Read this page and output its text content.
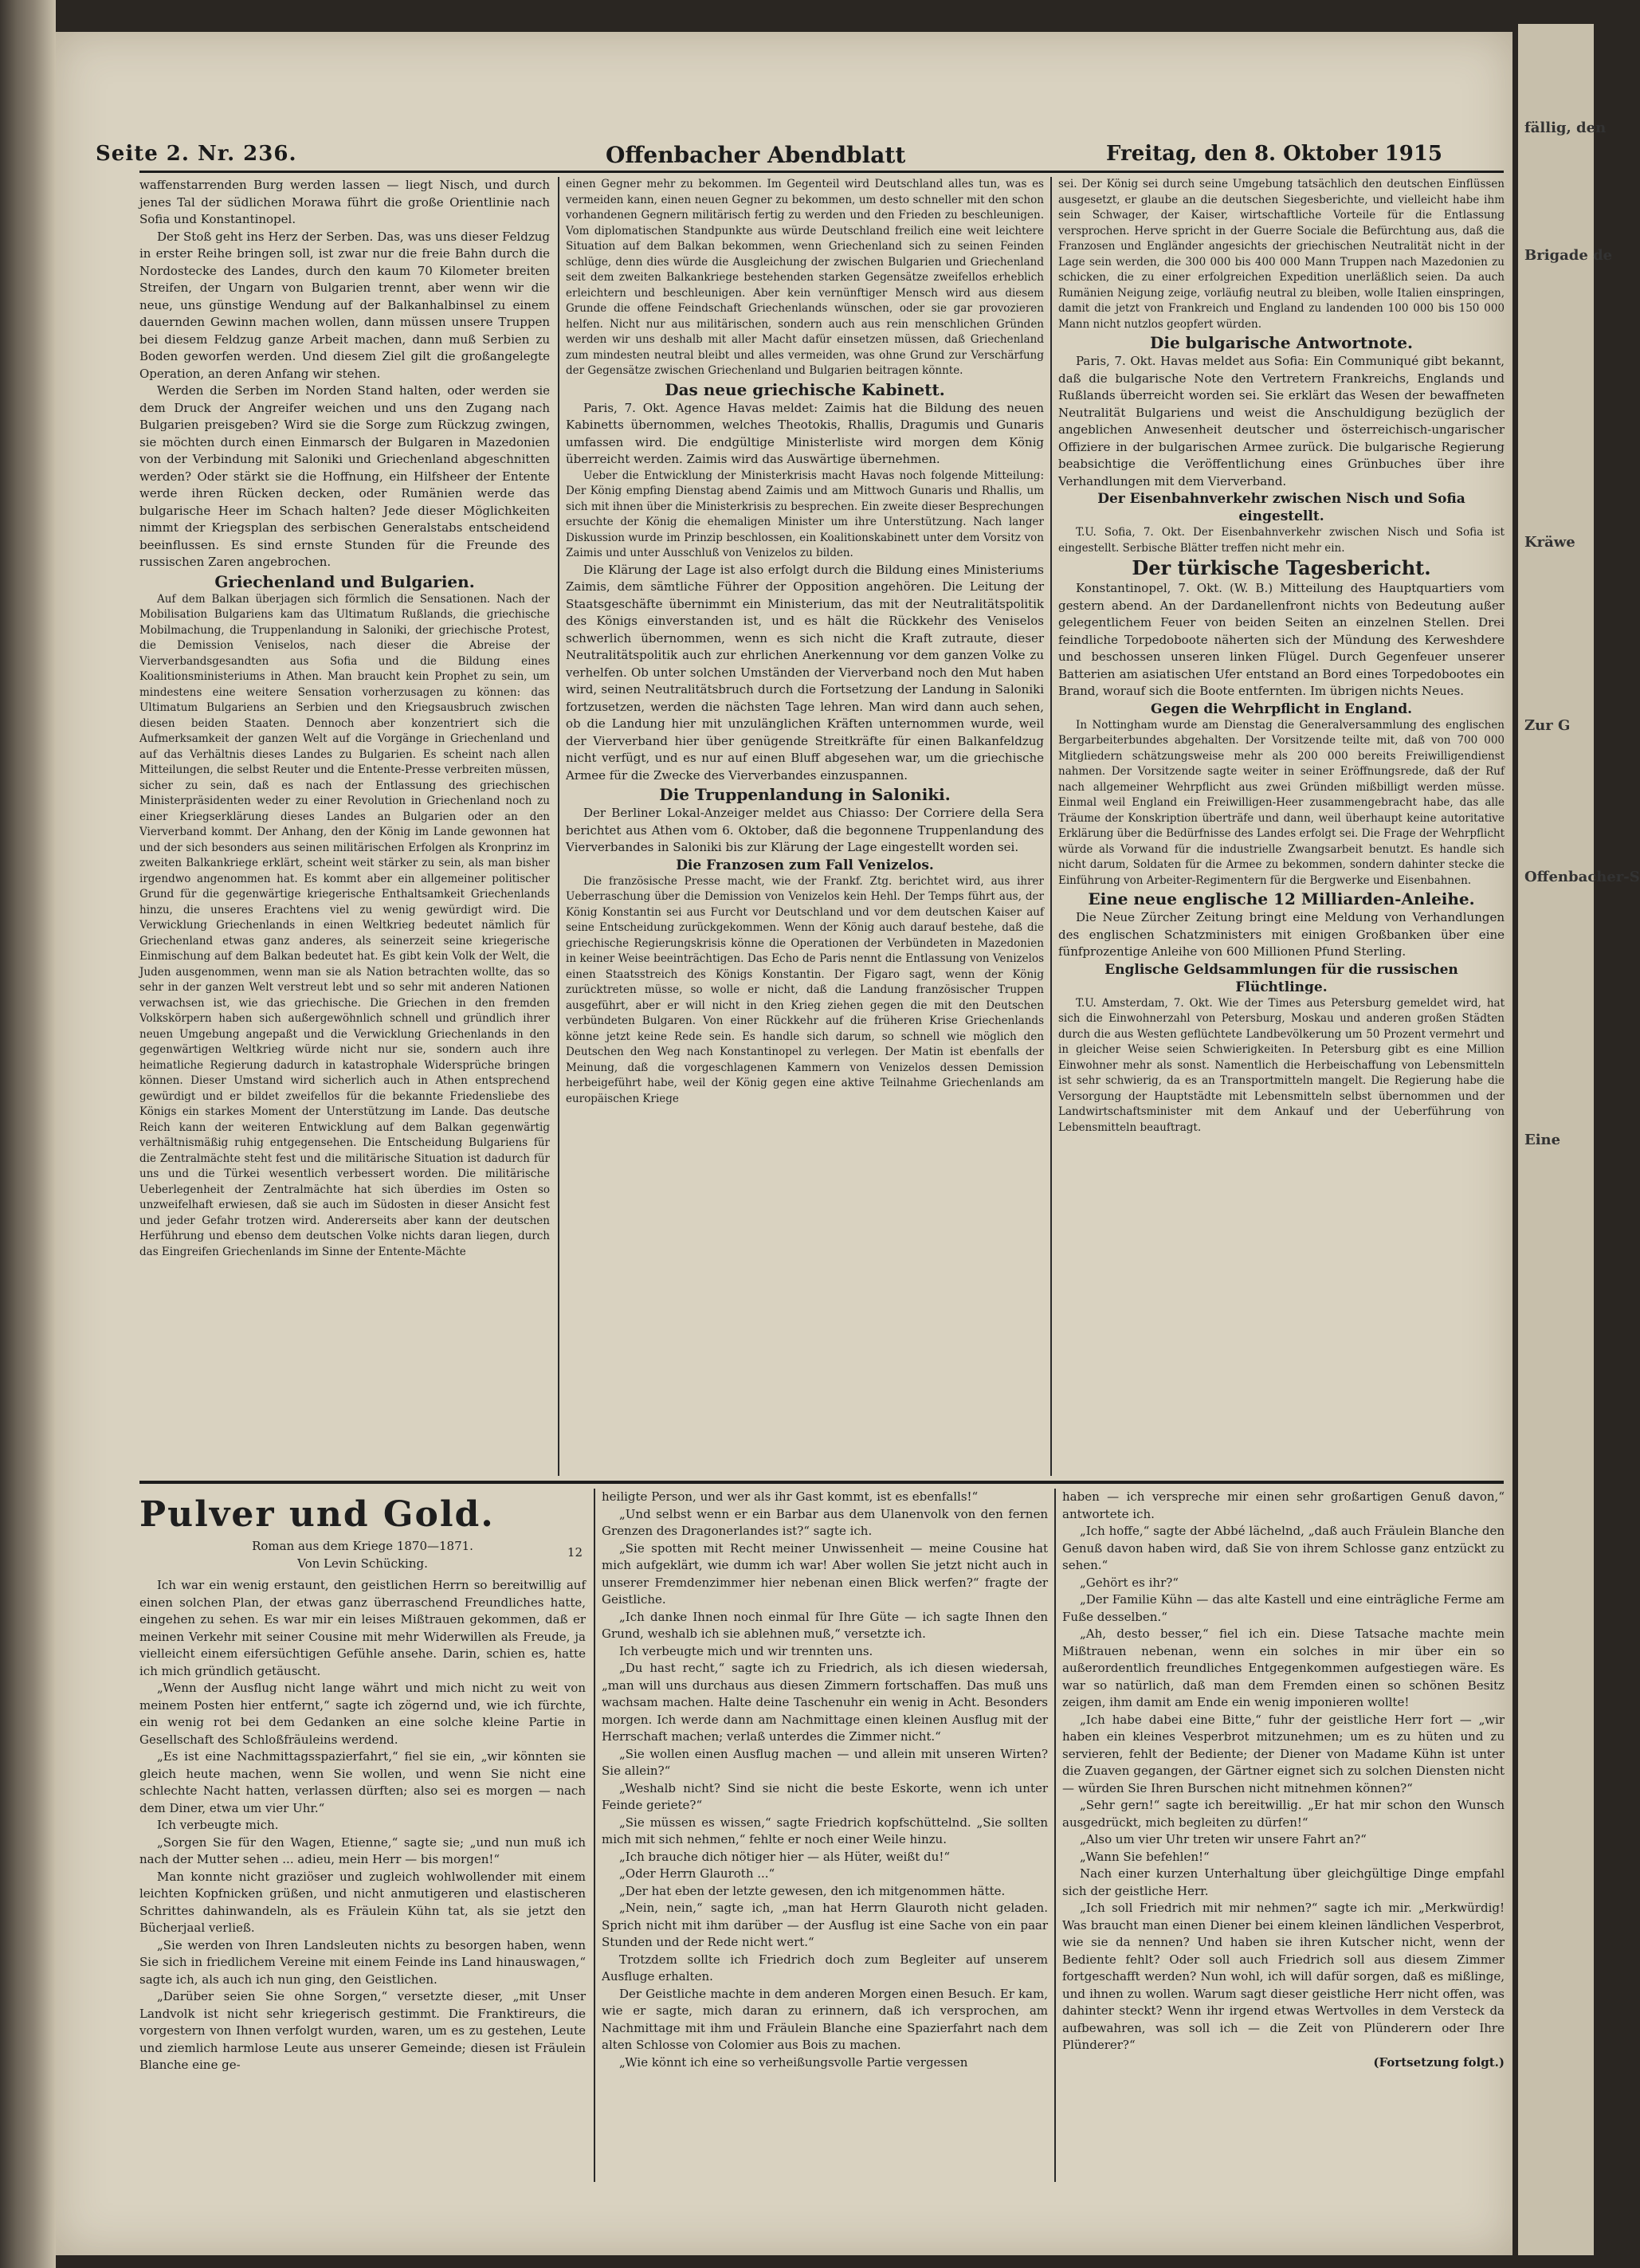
fällig, den
Brigade de
Kräwe
Zur G
Offenbacher-S
Eine
Seite 2. Nr. 236.	Offenbacher Abendblatt	Freitag, den 8. Oktober 1915

waffenstarrenden Burg werden lassen — liegt Nisch, und durch jenes Tal der südlichen Morawa führt die große Orientlinie nach Sofia und Konstantinopel.

Der Stoß geht ins Herz der Serben. Das, was uns dieser Feldzug in erster Reihe bringen soll, ist zwar nur die freie Bahn durch die Nordostecke des Landes, durch den kaum 70 Kilometer breiten Streifen, der Ungarn von Bulgarien trennt, aber wenn wir die neue, uns günstige Wendung auf der Balkanhalbinsel zu einem dauernden Gewinn machen wollen, dann müssen unsere Truppen bei diesem Feldzug ganze Arbeit machen, dann muß Serbien zu Boden geworfen werden. Und diesem Ziel gilt die großangelegte Operation, an deren Anfang wir stehen.

Werden die Serben im Norden Stand halten, oder werden sie dem Druck der Angreifer weichen und uns den Zugang nach Bulgarien preisgeben? Wird sie die Sorge zum Rückzug zwingen, sie möchten durch einen Einmarsch der Bulgaren in Mazedonien von der Verbindung mit Saloniki und Griechenland abgeschnitten werden? Oder stärkt sie die Hoffnung, ein Hilfsheer der Entente werde ihren Rücken decken, oder Rumänien werde das bulgarische Heer im Schach halten? Jede dieser Möglichkeiten nimmt der Kriegsplan des serbischen Generalstabs entscheidend beeinflussen. Es sind ernste Stunden für die Freunde des russischen Zaren angebrochen.

Griechenland und Bulgarien.

Auf dem Balkan überjagen sich förmlich die Sensationen. Nach der Mobilisation Bulgariens kam das Ultimatum Rußlands, die griechische Mobilmachung, die Truppenlandung in Saloniki, der griechische Protest, die Demission Veniselos, nach dieser die Abreise der Vierverbandsgesandten aus Sofia und die Bildung eines Koalitionsministeriums in Athen. Man braucht kein Prophet zu sein, um mindestens eine weitere Sensation vorherzusagen zu können: das Ultimatum Bulgariens an Serbien und den Kriegsausbruch zwischen diesen beiden Staaten. Dennoch aber konzentriert sich die Aufmerksamkeit der ganzen Welt auf die Vorgänge in Griechenland und auf das Verhältnis dieses Landes zu Bulgarien. Es scheint nach allen Mitteilungen, die selbst Reuter und die Entente-Presse verbreiten müssen, sicher zu sein, daß es nach der Entlassung des griechischen Ministerpräsidenten weder zu einer Revolution in Griechenland noch zu einer Kriegserklärung dieses Landes an Bulgarien oder an den Vierverband kommt. Der Anhang, den der König im Lande gewonnen hat und der sich besonders aus seinen militärischen Erfolgen als Kronprinz im zweiten Balkankriege erklärt, scheint weit stärker zu sein, als man bisher irgendwo angenommen hat. Es kommt aber ein allgemeiner politischer Grund für die gegenwärtige kriegerische Enthaltsamkeit Griechenlands hinzu, die unseres Erachtens viel zu wenig gewürdigt wird. Die Verwicklung Griechenlands in einen Weltkrieg bedeutet nämlich für Griechenland etwas ganz anderes, als seinerzeit seine kriegerische Einmischung auf dem Balkan bedeutet hat. Es gibt kein Volk der Welt, die Juden ausgenommen, wenn man sie als Nation betrachten wollte, das so sehr in der ganzen Welt verstreut lebt und so sehr mit anderen Nationen verwachsen ist, wie das griechische. Die Griechen in den fremden Volkskörpern haben sich außergewöhnlich schnell und gründlich ihrer neuen Umgebung angepaßt und die Verwicklung Griechenlands in den gegenwärtigen Weltkrieg würde nicht nur sie, sondern auch ihre heimatliche Regierung dadurch in katastrophale Widersprüche bringen können. Dieser Umstand wird sicherlich auch in Athen entsprechend gewürdigt und er bildet zweifellos für die bekannte Friedensliebe des Königs ein starkes Moment der Unterstützung im Lande. Das deutsche Reich kann der weiteren Entwicklung auf dem Balkan gegenwärtig verhältnismäßig ruhig entgegensehen. Die Entscheidung Bulgariens für die Zentralmächte steht fest und die militärische Situation ist dadurch für uns und die Türkei wesentlich verbessert worden. Die militärische Ueberlegenheit der Zentralmächte hat sich überdies im Osten so unzweifelhaft erwiesen, daß sie auch im Südosten in dieser Ansicht fest und jeder Gefahr trotzen wird. Andererseits aber kann der deutschen Herführung und ebenso dem deutschen Volke nichts daran liegen, durch das Eingreifen Griechenlands im Sinne der Entente-Mächte

einen Gegner mehr zu bekommen. Im Gegenteil wird Deutschland alles tun, was es vermeiden kann, einen neuen Gegner zu bekommen, um desto schneller mit den schon vorhandenen Gegnern militärisch fertig zu werden und den Frieden zu beschleunigen. Vom diplomatischen Standpunkte aus würde Deutschland freilich eine weit leichtere Situation auf dem Balkan bekommen, wenn Griechenland sich zu seinen Feinden schlüge, denn dies würde die Ausgleichung der zwischen Bulgarien und Griechenland seit dem zweiten Balkankriege bestehenden starken Gegensätze zweifellos erheblich erleichtern und beschleunigen. Aber kein vernünftiger Mensch wird aus diesem Grunde die offene Feindschaft Griechenlands wünschen, oder sie gar provozieren helfen. Nicht nur aus militärischen, sondern auch aus rein menschlichen Gründen werden wir uns deshalb mit aller Macht dafür einsetzen müssen, daß Griechenland zum mindesten neutral bleibt und alles vermeiden, was ohne Grund zur Verschärfung der Gegensätze zwischen Griechenland und Bulgarien beitragen könnte.

Das neue griechische Kabinett.

Paris, 7. Okt. Agence Havas meldet: Zaimis hat die Bildung des neuen Kabinetts übernommen, welches Theotokis, Rhallis, Dragumis und Gunaris umfassen wird. Die endgültige Ministerliste wird morgen dem König überreicht werden. Zaimis wird das Auswärtige übernehmen.

Ueber die Entwicklung der Ministerkrisis macht Havas noch folgende Mitteilung: Der König empfing Dienstag abend Zaimis und am Mittwoch Gunaris und Rhallis, um sich mit ihnen über die Ministerkrisis zu besprechen. Ein zweite dieser Besprechungen ersuchte der König die ehemaligen Minister um ihre Unterstützung. Nach langer Diskussion wurde im Prinzip beschlossen, ein Koalitionskabinett unter dem Vorsitz von Zaimis und unter Ausschluß von Venizelos zu bilden.

Die Klärung der Lage ist also erfolgt durch die Bildung eines Ministeriums Zaimis, dem sämtliche Führer der Opposition angehören. Die Leitung der Staatsgeschäfte übernimmt ein Ministerium, das mit der Neutralitätspolitik des Königs einverstanden ist, und es hält die Rückkehr des Veniselos schwerlich übernommen, wenn es sich nicht die Kraft zutraute, dieser Neutralitätspolitik auch zur ehrlichen Anerkennung vor dem ganzen Volke zu verhelfen. Ob unter solchen Umständen der Vierverband noch den Mut haben wird, seinen Neutralitätsbruch durch die Fortsetzung der Landung in Saloniki fortzusetzen, werden die nächsten Tage lehren. Man wird dann auch sehen, ob die Landung hier mit unzulänglichen Kräften unternommen wurde, weil der Vierverband hier über genügende Streitkräfte für einen Balkanfeldzug nicht verfügt, und es nur auf einen Bluff abgesehen war, um die griechische Armee für die Zwecke des Vierverbandes einzuspannen.

Die Truppenlandung in Saloniki.

Der Berliner Lokal-Anzeiger meldet aus Chiasso: Der Corriere della Sera berichtet aus Athen vom 6. Oktober, daß die begonnene Truppenlandung des Vierverbandes in Saloniki bis zur Klärung der Lage eingestellt worden sei.

Die Franzosen zum Fall Venizelos.

Die französische Presse macht, wie der Frankf. Ztg. berichtet wird, aus ihrer Ueberraschung über die Demission von Venizelos kein Hehl. Der Temps führt aus, der König Konstantin sei aus Furcht vor Deutschland und vor dem deutschen Kaiser auf seine Entscheidung zurückgekommen. Wenn der König auch darauf bestehe, daß die griechische Regierungskrisis könne die Operationen der Verbündeten in Mazedonien in keiner Weise beeinträchtigen. Das Echo de Paris nennt die Entlassung von Venizelos einen Staatsstreich des Königs Konstantin. Der Figaro sagt, wenn der König zurücktreten müsse, so wolle er nicht, daß die Landung französischer Truppen ausgeführt, aber er will nicht in den Krieg ziehen gegen die mit den Deutschen verbündeten Bulgaren. Von einer Rückkehr auf die früheren Krise Griechenlands könne jetzt keine Rede sein. Es handle sich darum, so schnell wie möglich den Deutschen den Weg nach Konstantinopel zu verlegen. Der Matin ist ebenfalls der Meinung, daß die vorgeschlagenen Kammern von Venizelos dessen Demission herbeigeführt habe, weil der König gegen eine aktive Teilnahme Griechenlands am europäischen Kriege

sei. Der König sei durch seine Umgebung tatsächlich den deutschen Einflüssen ausgesetzt, er glaube an die deutschen Siegesberichte, und vielleicht habe ihm sein Schwager, der Kaiser, wirtschaftliche Vorteile für die Entlassung versprochen. Herve spricht in der Guerre Sociale die Befürchtung aus, daß die Franzosen und Engländer angesichts der griechischen Neutralität nicht in der Lage sein werden, die 300 000 bis 400 000 Mann Truppen nach Mazedonien zu schicken, die zu einer erfolgreichen Expedition unerläßlich seien. Da auch Rumänien Neigung zeige, vorläufig neutral zu bleiben, wolle Italien einspringen, damit die jetzt von Frankreich und England zu landenden 100 000 bis 150 000 Mann nicht nutzlos geopfert würden.

Die bulgarische Antwortnote.

Paris, 7. Okt. Havas meldet aus Sofia: Ein Communiqué gibt bekannt, daß die bulgarische Note den Vertretern Frankreichs, Englands und Rußlands überreicht worden sei. Sie erklärt das Wesen der bewaffneten Neutralität Bulgariens und weist die Anschuldigung bezüglich der angeblichen Anwesenheit deutscher und österreichisch-ungarischer Offiziere in der bulgarischen Armee zurück. Die bulgarische Regierung beabsichtige die Veröffentlichung eines Grünbuches über ihre Verhandlungen mit dem Vierverband.

Der Eisenbahnverkehr zwischen Nisch und Sofia eingestellt.

T.U. Sofia, 7. Okt. Der Eisenbahnverkehr zwischen Nisch und Sofia ist eingestellt. Serbische Blätter treffen nicht mehr ein.

Der türkische Tagesbericht.

Konstantinopel, 7. Okt. (W. B.) Mitteilung des Hauptquartiers vom gestern abend. An der Dardanellenfront nichts von Bedeutung außer gelegentlichem Feuer von beiden Seiten an einzelnen Stellen. Drei feindliche Torpedoboote näherten sich der Mündung des Kerweshdere und beschossen unseren linken Flügel. Durch Gegenfeuer unserer Batterien am asiatischen Ufer entstand an Bord eines Torpedobootes ein Brand, worauf sich die Boote entfernten. Im übrigen nichts Neues.

Gegen die Wehrpflicht in England.

In Nottingham wurde am Dienstag die Generalversammlung des englischen Bergarbeiterbundes abgehalten. Der Vorsitzende teilte mit, daß von 700 000 Mitgliedern schätzungsweise mehr als 200 000 bereits Freiwilligendienst nahmen. Der Vorsitzende sagte weiter in seiner Eröffnungsrede, daß der Ruf nach allgemeiner Wehrpflicht aus zwei Gründen mißbilligt werden müsse. Einmal weil England ein Freiwilligen-Heer zusammengebracht habe, das alle Träume der Konskription überträfe und dann, weil überhaupt keine autoritative Erklärung über die Bedürfnisse des Landes erfolgt sei. Die Frage der Wehrpflicht würde als Vorwand für die industrielle Zwangsarbeit benutzt. Es handle sich nicht darum, Soldaten für die Armee zu bekommen, sondern dahinter stecke die Einführung von Arbeiter-Regimentern für die Bergwerke und Eisenbahnen.

Eine neue englische 12 Milliarden-Anleihe.

Die Neue Zürcher Zeitung bringt eine Meldung von Verhandlungen des englischen Schatzministers mit einigen Großbanken über eine fünfprozentige Anleihe von 600 Millionen Pfund Sterling.

Englische Geldsammlungen für die russischen Flüchtlinge.

T.U. Amsterdam, 7. Okt. Wie der Times aus Petersburg gemeldet wird, hat sich die Einwohnerzahl von Petersburg, Moskau und anderen großen Städten durch die aus Westen geflüchtete Landbevölkerung um 50 Prozent vermehrt und in gleicher Weise seien Schwierigkeiten. In Petersburg gibt es eine Million Einwohner mehr als sonst. Namentlich die Herbeischaffung von Lebensmitteln ist sehr schwierig, da es an Transportmitteln mangelt. Die Regierung habe die Versorgung der Hauptstädte mit Lebensmitteln selbst übernommen und der Landwirtschaftsminister mit dem Ankauf und der Ueberführung von Lebensmitteln beauftragt.

Pulver und Gold.
12

Roman aus dem Kriege 1870—1871.

Von Levin Schücking.

Ich war ein wenig erstaunt, den geistlichen Herrn so bereitwillig auf einen solchen Plan, der etwas ganz überraschend Freundliches hatte, eingehen zu sehen. Es war mir ein leises Mißtrauen gekommen, daß er meinen Verkehr mit seiner Cousine mit mehr Widerwillen als Freude, ja vielleicht einem eifersüchtigen Gefühle ansehe. Darin, schien es, hatte ich mich gründlich getäuscht.

„Wenn der Ausflug nicht lange währt und mich nicht zu weit von meinem Posten hier entfernt,“ sagte ich zögernd und, wie ich fürchte, ein wenig rot bei dem Gedanken an eine solche kleine Partie in Gesellschaft des Schloßfräuleins werdend.

„Es ist eine Nachmittagsspazierfahrt,“ fiel sie ein, „wir könnten sie gleich heute machen, wenn Sie wollen, und wenn Sie nicht eine schlechte Nacht hatten, verlassen dürften; also sei es morgen — nach dem Diner, etwa um vier Uhr.“

Ich verbeugte mich.

„Sorgen Sie für den Wagen, Etienne,“ sagte sie; „und nun muß ich nach der Mutter sehen ... adieu, mein Herr — bis morgen!“

Man konnte nicht graziöser und zugleich wohlwollender mit einem leichten Kopfnicken grüßen, und nicht anmutigeren und elastischeren Schrittes dahinwandeln, als es Fräulein Kühn tat, als sie jetzt den Bücherjaal verließ.

„Sie werden von Ihren Landsleuten nichts zu besorgen haben, wenn Sie sich in friedlichem Vereine mit einem Feinde ins Land hinauswagen,“ sagte ich, als auch ich nun ging, den Geistlichen.

„Darüber seien Sie ohne Sorgen,“ versetzte dieser, „mit Unser Landvolk ist nicht sehr kriegerisch gestimmt. Die Franktireurs, die vorgestern von Ihnen verfolgt wurden, waren, um es zu gestehen, Leute und ziemlich harmlose Leute aus unserer Gemeinde; diesen ist Fräulein Blanche eine ge-

heiligte Person, und wer als ihr Gast kommt, ist es ebenfalls!“

„Und selbst wenn er ein Barbar aus dem Ulanenvolk von den fernen Grenzen des Dragonerlandes ist?“ sagte ich.

„Sie spotten mit Recht meiner Unwissenheit — meine Cousine hat mich aufgeklärt, wie dumm ich war! Aber wollen Sie jetzt nicht auch in unserer Fremdenzimmer hier nebenan einen Blick werfen?“ fragte der Geistliche.

„Ich danke Ihnen noch einmal für Ihre Güte — ich sagte Ihnen den Grund, weshalb ich sie ablehnen muß,“ versetzte ich.

Ich verbeugte mich und wir trennten uns.

„Du hast recht,“ sagte ich zu Friedrich, als ich diesen wiedersah, „man will uns durchaus aus diesen Zimmern fortschaffen. Das muß uns wachsam machen. Halte deine Taschenuhr ein wenig in Acht. Besonders morgen. Ich werde dann am Nachmittage einen kleinen Ausflug mit der Herrschaft machen; verlaß unterdes die Zimmer nicht.“

„Sie wollen einen Ausflug machen — und allein mit unseren Wirten? Sie allein?“

„Weshalb nicht? Sind sie nicht die beste Eskorte, wenn ich unter Feinde geriete?“

„Sie müssen es wissen,“ sagte Friedrich kopfschüttelnd. „Sie sollten mich mit sich nehmen,“ fehlte er noch einer Weile hinzu.

„Ich brauche dich nötiger hier — als Hüter, weißt du!“

„Oder Herrn Glauroth ...“

„Der hat eben der letzte gewesen, den ich mitgenommen hätte.

„Nein, nein,“ sagte ich, „man hat Herrn Glauroth nicht geladen. Sprich nicht mit ihm darüber — der Ausflug ist eine Sache von ein paar Stunden und der Rede nicht wert.“

Trotzdem sollte ich Friedrich doch zum Begleiter auf unserem Ausfluge erhalten.

Der Geistliche machte in dem anderen Morgen einen Besuch. Er kam, wie er sagte, mich daran zu erinnern, daß ich versprochen, am Nachmittage mit ihm und Fräulein Blanche eine Spazierfahrt nach dem alten Schlosse von Colomier aus Bois zu machen.

„Wie könnt ich eine so verheißungsvolle Partie vergessen

haben — ich verspreche mir einen sehr großartigen Genuß davon,“ antwortete ich.

„Ich hoffe,“ sagte der Abbé lächelnd, „daß auch Fräulein Blanche den Genuß davon haben wird, daß Sie von ihrem Schlosse ganz entzückt zu sehen.“

„Gehört es ihr?“

„Der Familie Kühn — das alte Kastell und eine einträgliche Ferme am Fuße desselben.“

„Ah, desto besser,“ fiel ich ein. Diese Tatsache machte mein Mißtrauen nebenan, wenn ein solches in mir über ein so außerordentlich freundliches Entgegenkommen aufgestiegen wäre. Es war so natürlich, daß man dem Fremden einen so schönen Besitz zeigen, ihm damit am Ende ein wenig imponieren wollte!

„Ich habe dabei eine Bitte,“ fuhr der geistliche Herr fort — „wir haben ein kleines Vesperbrot mitzunehmen; um es zu hüten und zu servieren, fehlt der Bediente; der Diener von Madame Kühn ist unter die Zuaven gegangen, der Gärtner eignet sich zu solchen Diensten nicht — würden Sie Ihren Burschen nicht mitnehmen können?“

„Sehr gern!“ sagte ich bereitwillig. „Er hat mir schon den Wunsch ausgedrückt, mich begleiten zu dürfen!“

„Also um vier Uhr treten wir unsere Fahrt an?“

„Wann Sie befehlen!“

Nach einer kurzen Unterhaltung über gleichgültige Dinge empfahl sich der geistliche Herr.

„Ich soll Friedrich mit mir nehmen?“ sagte ich mir. „Merkwürdig! Was braucht man einen Diener bei einem kleinen ländlichen Vesperbrot, wie sie da nennen? Und haben sie ihren Kutscher nicht, wenn der Bediente fehlt? Oder soll auch Friedrich soll aus diesem Zimmer fortgeschafft werden? Nun wohl, ich will dafür sorgen, daß es mißlinge, und ihnen zu wollen. Warum sagt dieser geistliche Herr nicht offen, was dahinter steckt? Wenn ihr irgend etwas Wertvolles in dem Versteck da aufbewahren, was soll ich — die Zeit von Plünderern oder Ihre Plünderer?“

(Fortsetzung folgt.)
